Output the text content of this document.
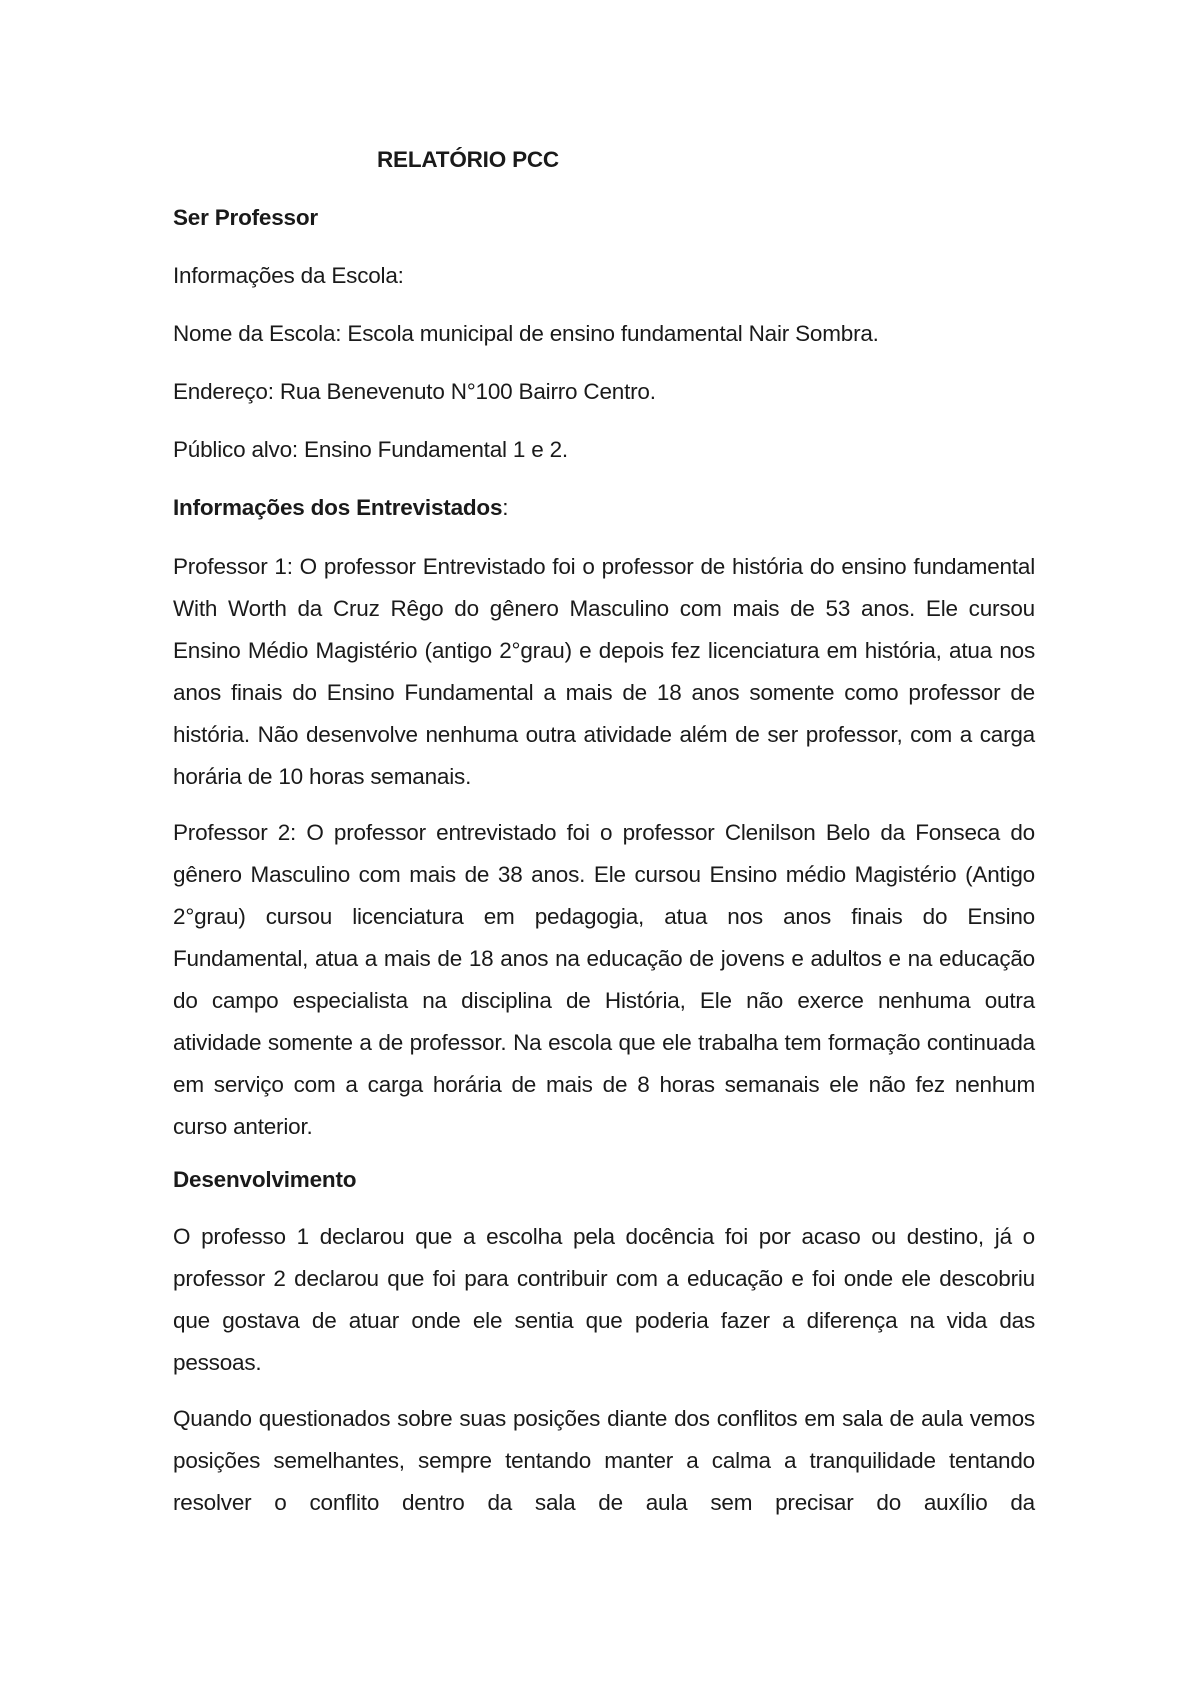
RELATÓRIO PCC
Ser Professor
Informações da Escola:
Nome da Escola: Escola municipal de ensino fundamental Nair Sombra.
Endereço: Rua Benevenuto N°100 Bairro Centro.
Público alvo: Ensino Fundamental 1 e 2.
Informações dos Entrevistados:
Professor 1: O professor Entrevistado foi o professor de história do ensino fundamental With Worth da Cruz Rêgo do gênero Masculino com mais de 53 anos. Ele cursou Ensino Médio Magistério (antigo 2°grau) e depois fez licenciatura em história, atua nos anos finais do Ensino Fundamental a mais de 18 anos somente como professor de história. Não desenvolve nenhuma outra atividade além de ser professor, com a carga horária de 10 horas semanais.
Professor 2: O professor entrevistado foi o professor Clenilson Belo da Fonseca do gênero Masculino com mais de 38 anos. Ele cursou Ensino médio Magistério (Antigo 2°grau) cursou licenciatura em pedagogia, atua nos anos finais do Ensino Fundamental, atua a mais de 18 anos na educação de jovens e adultos e na educação do campo especialista na disciplina de História, Ele não exerce nenhuma outra atividade somente a de professor. Na escola que ele trabalha tem formação continuada em serviço com a carga horária de mais de 8 horas semanais ele não fez nenhum curso anterior.
Desenvolvimento
O professo 1 declarou que a escolha pela docência foi por acaso ou destino, já o professor 2 declarou que foi para contribuir com a educação e foi onde ele descobriu que gostava de atuar onde ele sentia que poderia fazer a diferença na vida das pessoas.
Quando questionados sobre suas posições diante dos conflitos em sala de aula vemos posições semelhantes, sempre tentando manter a calma a tranquilidade tentando resolver o conflito dentro da sala de aula sem precisar do auxílio da
